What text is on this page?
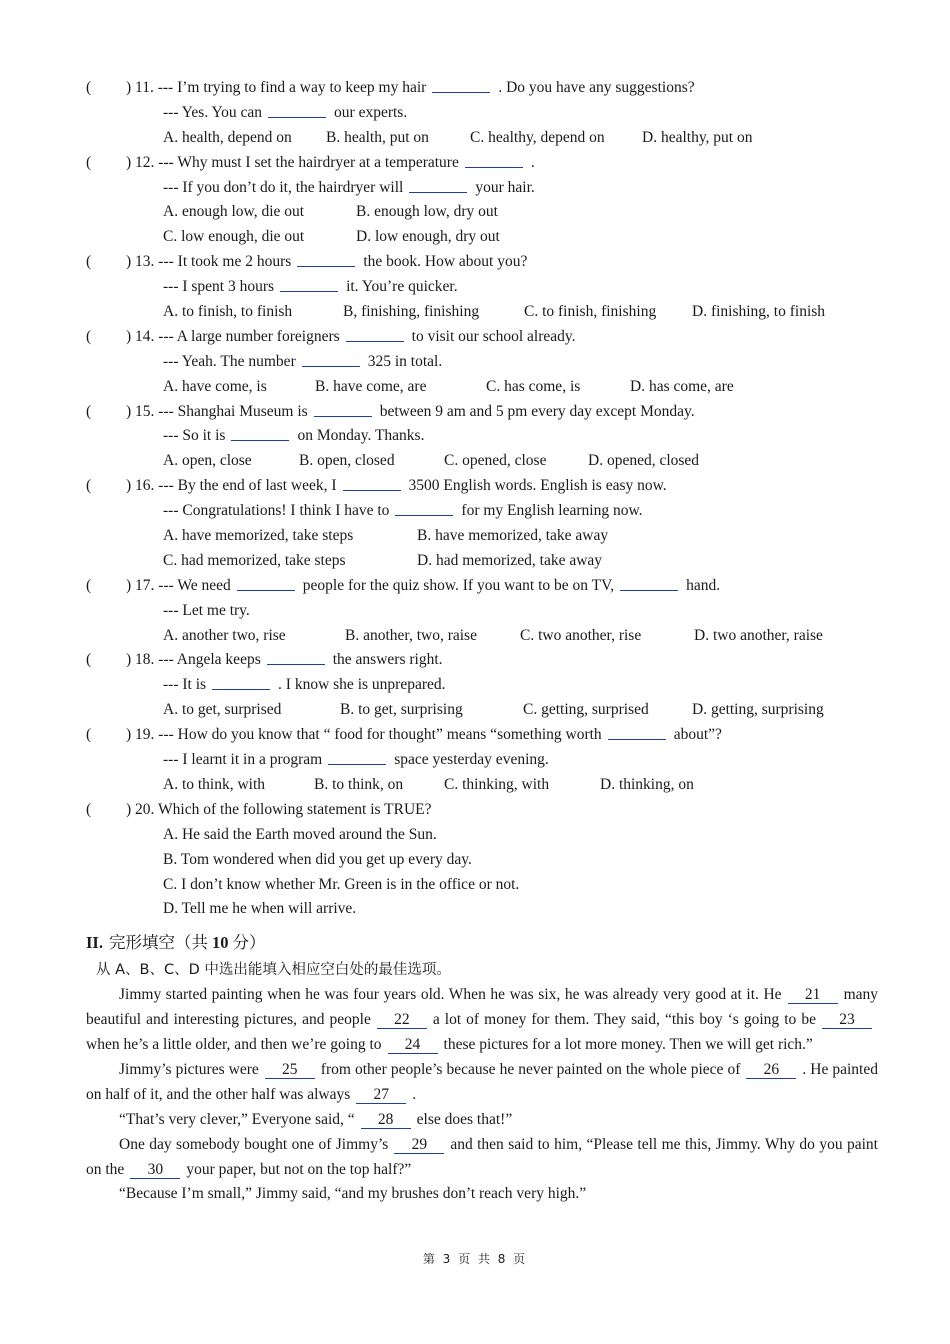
( ) 11. --- I’m trying to find a way to keep my hair	. Do you have any suggestions?
--- Yes. You can	our experts.
A. health, depend on B. health, put on	C. healthy, depend on D. healthy, put on
( ) 12. --- Why must I set the hairdryer at a temperature	.
--- If you don’t do it, the hairdryer will	your hair.
A. enough low, die out	B. enough low, dry out
C. low enough, die out	D. low enough, dry out
( ) 13. --- It took me 2 hours	the book. How about you?
--- I spent 3 hours	it. You’re quicker.
A. to finish, to finish	B, finishing, finishing	C. to finish, finishing D. finishing, to finish
( ) 14. --- A large number foreigners	to visit our school already.
--- Yeah. The number	325 in total.
A. have come, is	B. have come, are	C. has come, is	D. has come, are
( ) 15. --- Shanghai Museum is	between 9 am and 5 pm every day except Monday.
--- So it is	on Monday. Thanks.
A. open, close	B. open, closed	C. opened, close	D. opened, closed
( ) 16. --- By the end of last week, I	3500 English words. English is easy now.
--- Congratulations! I think I have to	for my English learning now.
A. have memorized, take steps	B. have memorized, take away
C. had memorized, take steps	D. had memorized, take away
( ) 17. --- We need	people for the quiz show. If you want to be on TV,	hand.
--- Let me try.
A. another two, rise	B. another, two, raise	C. two another, rise	D. two another, raise
( ) 18. --- Angela keeps	the answers right.
--- It is	. I know she is unprepared.
A. to get, surprised	B. to get, surprising	C. getting, surprised	D. getting, surprising
( ) 19. --- How do you know that “ food for thought” means “something worth	about”?
--- I learnt it in a program	space yesterday evening.
A. to think, with	B. to think, on	C. thinking, with	D. thinking, on
( ) 20. Which of the following statement is TRUE?
A. He said the Earth moved around the Sun.
B. Tom wondered when did you get up every day.
C. I don’t know whether Mr. Green is in the office or not.
D. Tell me he when will arrive.
II. 完形填空（共 10 分）
从 A、B、C、D 中选出能填入相应空白处的最佳选项。
Jimmy started painting when he was four years old. When he was six, he was already very good at it. He 21 many beautiful and interesting pictures, and people 22 a lot of money for them. They said, “this boy ‘s going to be 23when he’s a little older, and then we’re going to 24 these pictures for a lot more money. Then we will get rich.”
Jimmy’s pictures were 25 from other people’s because he never painted on the whole piece of 26 . He painted on half of it, and the other half was always 27 .
“That’s very clever,” Everyone said, “ 28 else does that!”
One day somebody bought one of Jimmy’s 29 and then said to him, “Please tell me this, Jimmy. Why do you paint on the 30 your paper, but not on the top half?”
“Because I’m small,” Jimmy said, “and my brushes don’t reach very high.”
第 3 页 共 8 页
